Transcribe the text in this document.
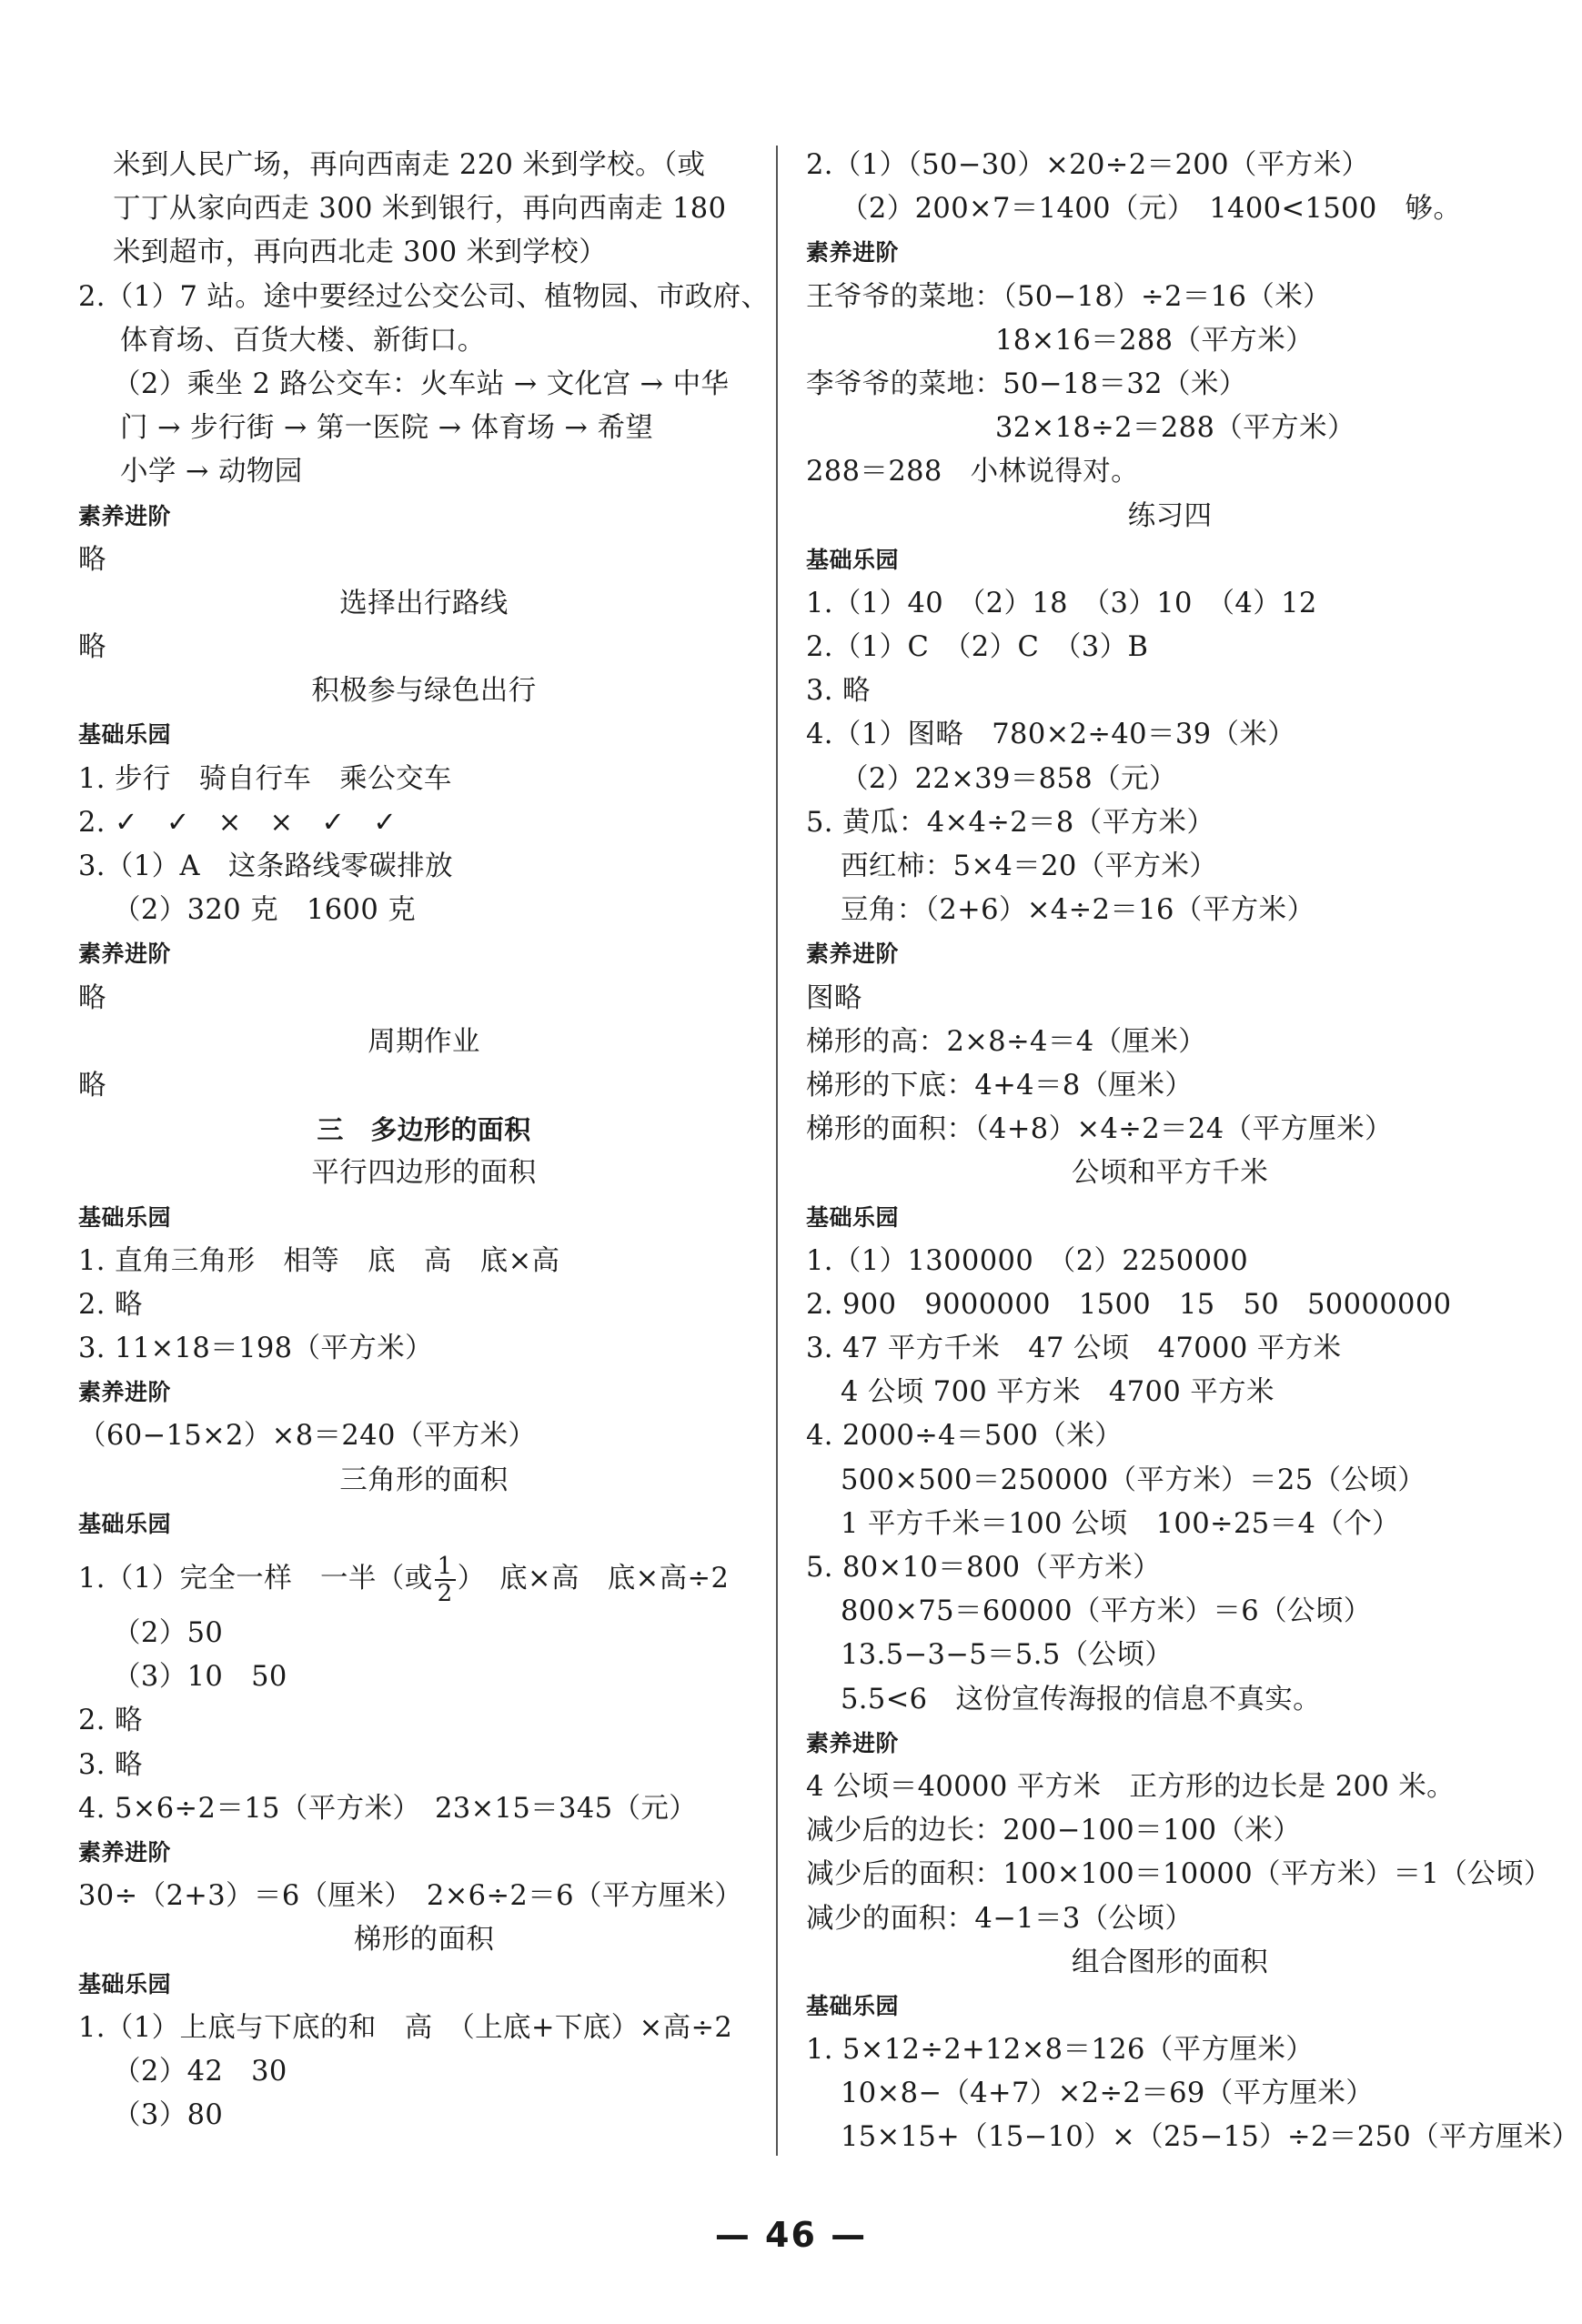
米到人民广场，再向西南走 220 米到学校。（或
丁丁从家向西走 300 米到银行，再向西南走 180
米到超市，再向西北走 300 米到学校）
2.（1）7 站。途中要经过公交公司、植物园、市政府、
体育场、百货大楼、新街口。
（2）乘坐 2 路公交车：火车站 → 文化宫 → 中华
门 → 步行街 → 第一医院 → 体育场 → 希望
小学 → 动物园
素养进阶
略
选择出行路线
略
积极参与绿色出行
基础乐园
1. 步行　骑自行车　乘公交车
2. ✓　✓　×　×　✓　✓
3.（1）A　这条路线零碳排放
（2）320 克　1600 克
素养进阶
略
周期作业
略
三　多边形的面积
平行四边形的面积
基础乐园
1. 直角三角形　相等　底　高　底×高
2. 略
3. 11×18＝198（平方米）
素养进阶
（60−15×2）×8＝240（平方米）
三角形的面积
基础乐园
1.（1）完全一样　一半（或 $\frac{1}{2}$ ）　底×高　底×高÷2
（2）50
（3）10　50
2. 略
3. 略
4. 5×6÷2＝15（平方米）　23×15＝345（元）
素养进阶
30÷（2+3）＝6（厘米）　2×6÷2＝6（平方厘米）
梯形的面积
基础乐园
1.（1）上底与下底的和　高　（上底+下底）×高÷2
（2）42　30
（3）80
2.（1）（50−30）×20÷2＝200（平方米）
（2）200×7＝1400（元）　1400<1500　够。
素养进阶
王爷爷的菜地：（50−18）÷2＝16（米）
18×16＝288（平方米）
李爷爷的菜地：50−18＝32（米）
32×18÷2＝288（平方米）
288＝288　小林说得对。
练习四
基础乐园
1.（1）40　（2）18　（3）10　（4）12
2.（1）C　（2）C　（3）B
3. 略
4.（1）图略　780×2÷40＝39（米）
（2）22×39＝858（元）
5. 黄瓜：4×4÷2＝8（平方米）
西红柿：5×4＝20（平方米）
豆角：（2+6）×4÷2＝16（平方米）
素养进阶
图略
梯形的高：2×8÷4＝4（厘米）
梯形的下底：4+4＝8（厘米）
梯形的面积：（4+8）×4÷2＝24（平方厘米）
公顷和平方千米
基础乐园
1.（1）1300000　（2）2250000
2. 900　9000000　1500　15　50　50000000
3. 47 平方千米　47 公顷　47000 平方米
4 公顷 700 平方米　4700 平方米
4. 2000÷4＝500（米）
500×500＝250000（平方米）＝25（公顷）
1 平方千米＝100 公顷　100÷25＝4（个）
5. 80×10＝800（平方米）
800×75＝60000（平方米）＝6（公顷）
13.5−3−5＝5.5（公顷）
5.5<6　这份宣传海报的信息不真实。
素养进阶
4 公顷＝40000 平方米　正方形的边长是 200 米。
减少后的边长：200−100＝100（米）
减少后的面积：100×100＝10000（平方米）＝1（公顷）
减少的面积：4−1＝3（公顷）
组合图形的面积
基础乐园
1. 5×12÷2+12×8＝126（平方厘米）
10×8−（4+7）×2÷2＝69（平方厘米）
15×15+（15−10）×（25−15）÷2＝250（平方厘米）
— 46 —
